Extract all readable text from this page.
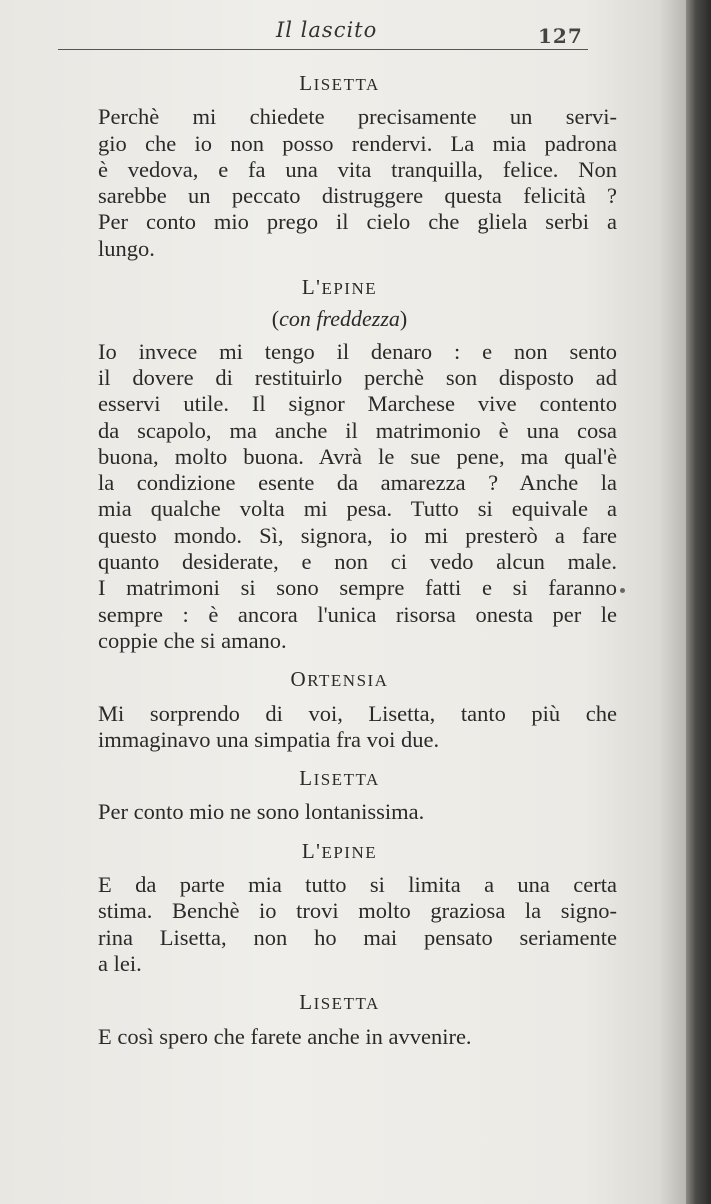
Il lascito	127
LISETTA
Perchè mi chiedete precisamente un servi-
gio che io non posso rendervi. La mia padrona
è vedova, e fa una vita tranquilla, felice. Non
sarebbe un peccato distruggere questa felicità ?
Per conto mio prego il cielo che gliela serbi a
lungo.
L'EPINE
(con freddezza)
Io invece mi tengo il denaro : e non sento
il dovere di restituirlo perchè son disposto ad
esservi utile. Il signor Marchese vive contento
da scapolo, ma anche il matrimonio è una cosa
buona, molto buona. Avrà le sue pene, ma qual'è
la condizione esente da amarezza ? Anche la
mia qualche volta mi pesa. Tutto si equivale a
questo mondo. Sì, signora, io mi presterò a fare
quanto desiderate, e non ci vedo alcun male.
I matrimoni si sono sempre fatti e si faranno
sempre : è ancora l'unica risorsa onesta per le
coppie che si amano.
ORTENSIA
Mi sorprendo di voi, Lisetta, tanto più che
immaginavo una simpatia fra voi due.
LISETTA
Per conto mio ne sono lontanissima.
L'EPINE
E da parte mia tutto si limita a una certa
stima. Benchè io trovi molto graziosa la signo-
rina Lisetta, non ho mai pensato seriamente
a lei.
LISETTA
E così spero che farete anche in avvenire.
